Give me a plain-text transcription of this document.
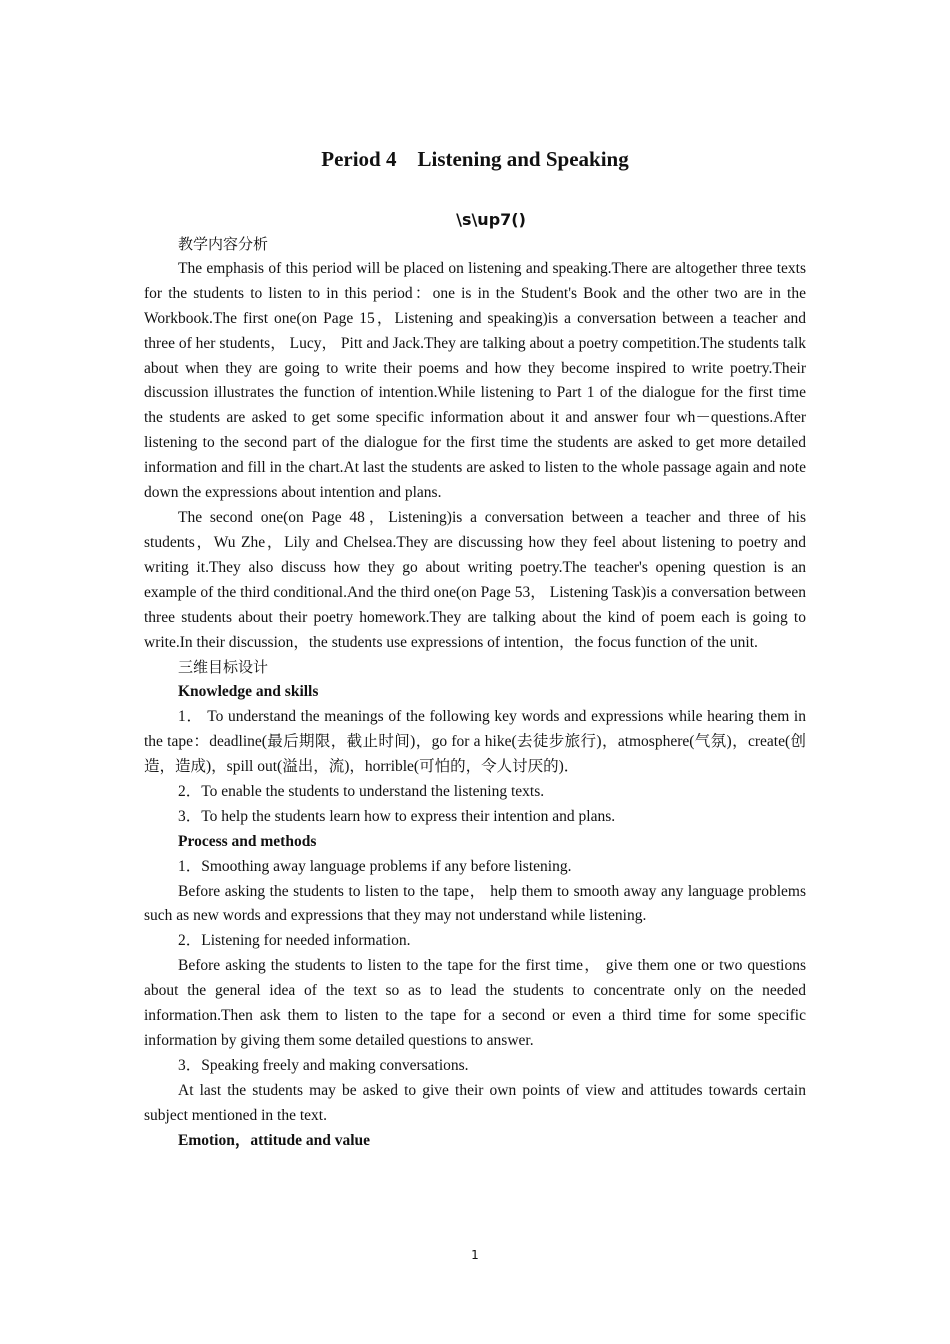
Period 4　Listening and Speaking
\s\up7()

教学内容分析

The emphasis of this period will be placed on listening and speaking.There are altogether three texts for the students to listen to in this period：one is in the Student's Book and the other two are in the Workbook.The first one(on Page 15，Listening and speaking)is a conversation between a teacher and three of her students， Lucy， Pitt and Jack.They are talking about a poetry competition.The students talk about when they are going to write their poems and how they become inspired to write poetry.Their discussion illustrates the function of intention.While listening to Part 1 of the dialogue for the first time the students are asked to get some specific information about it and answer four wh－questions.After listening to the second part of the dialogue for the first time the students are asked to get more detailed information and fill in the chart.At last the students are asked to listen to the whole passage again and note down the expressions about intention and plans.

The second one(on Page 48，Listening)is a conversation between a teacher and three of his students，Wu Zhe，Lily and Chelsea.They are discussing how they feel about listening to poetry and writing it.They also discuss how they go about writing poetry.The teacher's opening question is an example of the third conditional.And the third one(on Page 53， Listening Task)is a conversation between three students about their poetry homework.They are talking about the kind of poem each is going to write.In their discussion，the students use expressions of intention，the focus function of the unit.

三维目标设计

Knowledge and skills

1． To understand the meanings of the following key words and expressions while hearing them in the tape：deadline(最后期限，截止时间)，go for a hike(去徒步旅行)，atmosphere(气氛)，create(创造，造成)，spill out(溢出，流)，horrible(可怕的，令人讨厌的)．

2．To enable the students to understand the listening texts.

3．To help the students learn how to express their intention and plans.

Process and methods

1．Smoothing away language problems if any before listening.

Before asking the students to listen to the tape， help them to smooth away any language problems such as new words and expressions that they may not understand while listening.

2．Listening for needed information.

Before asking the students to listen to the tape for the first time， give them one or two questions about the general idea of the text so as to lead the students to concentrate only on the needed information.Then ask them to listen to the tape for a second or even a third time for some specific information by giving them some detailed questions to answer.

3．Speaking freely and making conversations.

At last the students may be asked to give their own points of view and attitudes towards certain subject mentioned in the text.

Emotion，attitude and value

1
